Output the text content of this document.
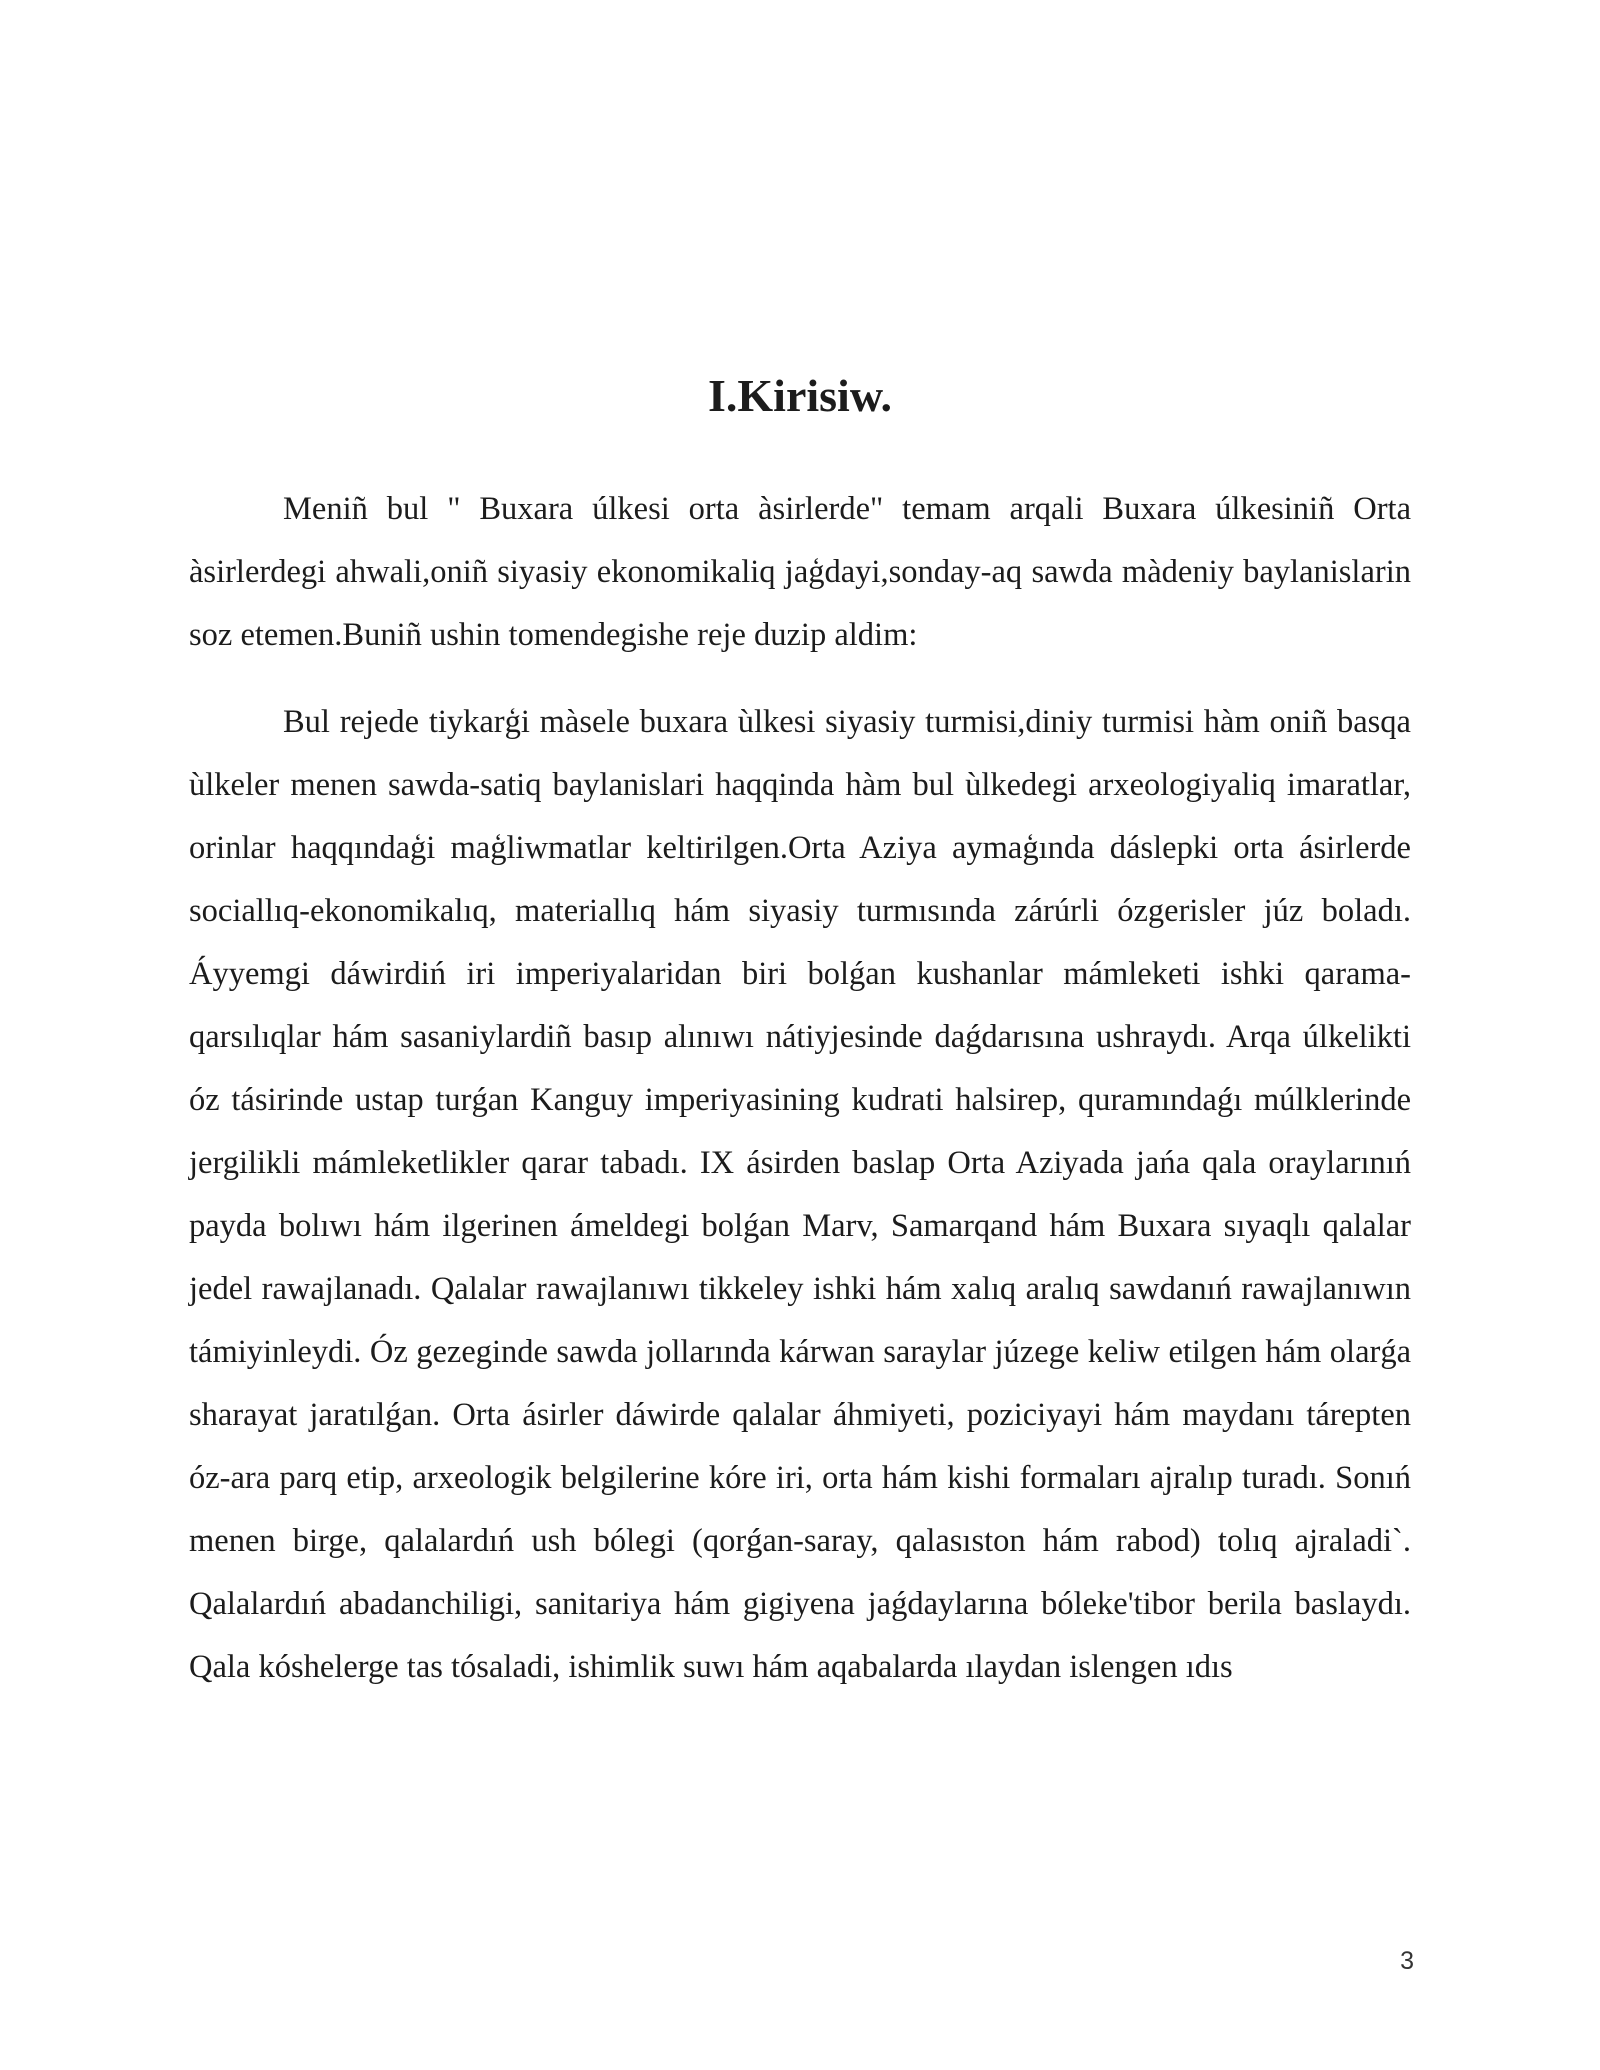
I.Kirisiw.

Meniñ bul " Buxara úlkesi orta àsirlerde" temam arqali Buxara úlkesiniñ Orta àsirlerdegi ahwali,oniñ siyasiy ekonomikaliq jaģdayi,sonday-aq sawda màdeniy baylanislarin soz etemen.Buniñ ushin tomendegishe reje duzip aldim:

Bul rejede tiykarģi màsele buxara ùlkesi siyasiy turmisi,diniy turmisi hàm oniñ basqa ùlkeler menen sawda-satiq baylanislari haqqinda hàm bul ùlkedegi arxeologiyaliq imaratlar, orinlar haqqındaģi maģliwmatlar keltirilgen.Orta Aziya aymaģında dáslepki orta ásirlerde sociallıq-ekonomikalıq, materiallıq hám siyasiy turmısında zárúrli ózgerisler júz boladı. Áyyemgi dáwirdiń iri imperiyalaridan biri bolǵan kushanlar mámleketi ishki qarama-qarsılıqlar hám sasaniylardiñ basıp alınıwı nátiyjesinde daǵdarısına ushraydı. Arqa úlkelikti óz tásirinde ustap turǵan Kanguy imperiyasining kudrati halsirep, quramındaǵı múlklerinde jergilikli mámleketlikler qarar tabadı. IX ásirden baslap Orta Aziyada jańa qala oraylarınıń payda bolıwı hám ilgerinen ámeldegi bolǵan Marv, Samarqand hám Buxara sıyaqlı qalalar jedel rawajlanadı. Qalalar rawajlanıwı tikkeley ishki hám xalıq aralıq sawdanıń rawajlanıwın támiyinleydi. Óz gezeginde sawda jollarında kárwan saraylar júzege keliw etilgen hám olarǵa sharayat jaratılǵan. Orta ásirler dáwirde qalalar áhmiyeti, poziciyayi hám maydanı tárepten óz-ara parq etip, arxeologik belgilerine kóre iri, orta hám kishi formaları ajralıp turadı. Sonıń menen birge, qalalardıń ush bólegi (qorǵan-saray, qalasıston hám rabod) tolıq ajraladi`. Qalalardıń abadanchiligi, sanitariya hám gigiyena jaǵdaylarına bóleke'tibor berila baslaydı. Qala kóshelerge tas tósaladi, ishimlik suwı hám aqabalarda ılaydan islengen ıdıs

3
